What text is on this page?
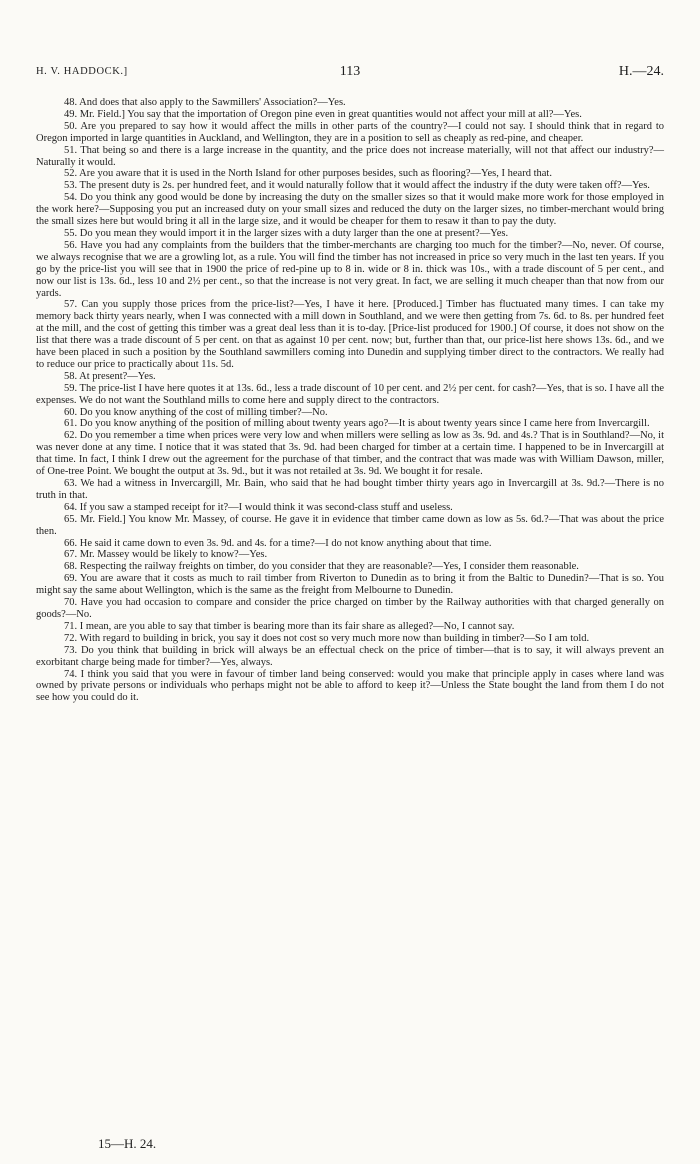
H. V. HADDOCK.]	113	H.—24.

48. And does that also apply to the Sawmillers' Association?—Yes.

49. Mr. Field.] You say that the importation of Oregon pine even in great quantities would not affect your mill at all?—Yes.

50. Are you prepared to say how it would affect the mills in other parts of the country?—I could not say. I should think that in regard to Oregon imported in large quantities in Auckland, and Wellington, they are in a position to sell as cheaply as red-pine, and cheaper.

51. That being so and there is a large increase in the quantity, and the price does not increase materially, will not that affect our industry?—Naturally it would.

52. Are you aware that it is used in the North Island for other purposes besides, such as flooring?—Yes, I heard that.

53. The present duty is 2s. per hundred feet, and it would naturally follow that it would affect the industry if the duty were taken off?—Yes.

54. Do you think any good would be done by increasing the duty on the smaller sizes so that it would make more work for those employed in the work here?—Supposing you put an increased duty on your small sizes and reduced the duty on the larger sizes, no timber-merchant would bring the small sizes here but would bring it all in the large size, and it would be cheaper for them to resaw it than to pay the duty.

55. Do you mean they would import it in the larger sizes with a duty larger than the one at present?—Yes.

56. Have you had any complaints from the builders that the timber-merchants are charging too much for the timber?—No, never. Of course, we always recognise that we are a growling lot, as a rule. You will find the timber has not increased in price so very much in the last ten years. If you go by the price-list you will see that in 1900 the price of red-pine up to 8 in. wide or 8 in. thick was 10s., with a trade discount of 5 per cent., and now our list is 13s. 6d., less 10 and 2½ per cent., so that the increase is not very great. In fact, we are selling it much cheaper than that now from our yards.

57. Can you supply those prices from the price-list?—Yes, I have it here. [Produced.] Timber has fluctuated many times. I can take my memory back thirty years nearly, when I was connected with a mill down in Southland, and we were then getting from 7s. 6d. to 8s. per hundred feet at the mill, and the cost of getting this timber was a great deal less than it is to-day. [Price-list produced for 1900.] Of course, it does not show on the list that there was a trade discount of 5 per cent. on that as against 10 per cent. now; but, further than that, our price-list here shows 13s. 6d., and we have been placed in such a position by the Southland sawmillers coming into Dunedin and supplying timber direct to the contractors. We really had to reduce our price to practically about 11s. 5d.

58. At present?—Yes.

59. The price-list I have here quotes it at 13s. 6d., less a trade discount of 10 per cent. and 2½ per cent. for cash?—Yes, that is so. I have all the expenses. We do not want the Southland mills to come here and supply direct to the contractors.

60. Do you know anything of the cost of milling timber?—No.

61. Do you know anything of the position of milling about twenty years ago?—It is about twenty years since I came here from Invercargill.

62. Do you remember a time when prices were very low and when millers were selling as low as 3s. 9d. and 4s.? That is in Southland?—No, it was never done at any time. I notice that it was stated that 3s. 9d. had been charged for timber at a certain time. I happened to be in Invercargill at that time. In fact, I think I drew out the agreement for the purchase of that timber, and the contract that was made was with William Dawson, miller, of One-tree Point. We bought the output at 3s. 9d., but it was not retailed at 3s. 9d. We bought it for resale.

63. We had a witness in Invercargill, Mr. Bain, who said that he had bought timber thirty years ago in Invercargill at 3s. 9d.?—There is no truth in that.

64. If you saw a stamped receipt for it?—I would think it was second-class stuff and useless.

65. Mr. Field.] You know Mr. Massey, of course. He gave it in evidence that timber came down as low as 5s. 6d.?—That was about the price then.

66. He said it came down to even 3s. 9d. and 4s. for a time?—I do not know anything about that time.

67. Mr. Massey would be likely to know?—Yes.

68. Respecting the railway freights on timber, do you consider that they are reasonable?—Yes, I consider them reasonable.

69. You are aware that it costs as much to rail timber from Riverton to Dunedin as to bring it from the Baltic to Dunedin?—That is so. You might say the same about Wellington, which is the same as the freight from Melbourne to Dunedin.

70. Have you had occasion to compare and consider the price charged on timber by the Railway authorities with that charged generally on goods?—No.

71. I mean, are you able to say that timber is bearing more than its fair share as alleged?—No, I cannot say.

72. With regard to building in brick, you say it does not cost so very much more now than building in timber?—So I am told.

73. Do you think that building in brick will always be an effectual check on the price of timber—that is to say, it will always prevent an exorbitant charge being made for timber?—Yes, always.

74. I think you said that you were in favour of timber land being conserved: would you make that principle apply in cases where land was owned by private persons or individuals who perhaps might not be able to afford to keep it?—Unless the State bought the land from them I do not see how you could do it.

15—H. 24.
